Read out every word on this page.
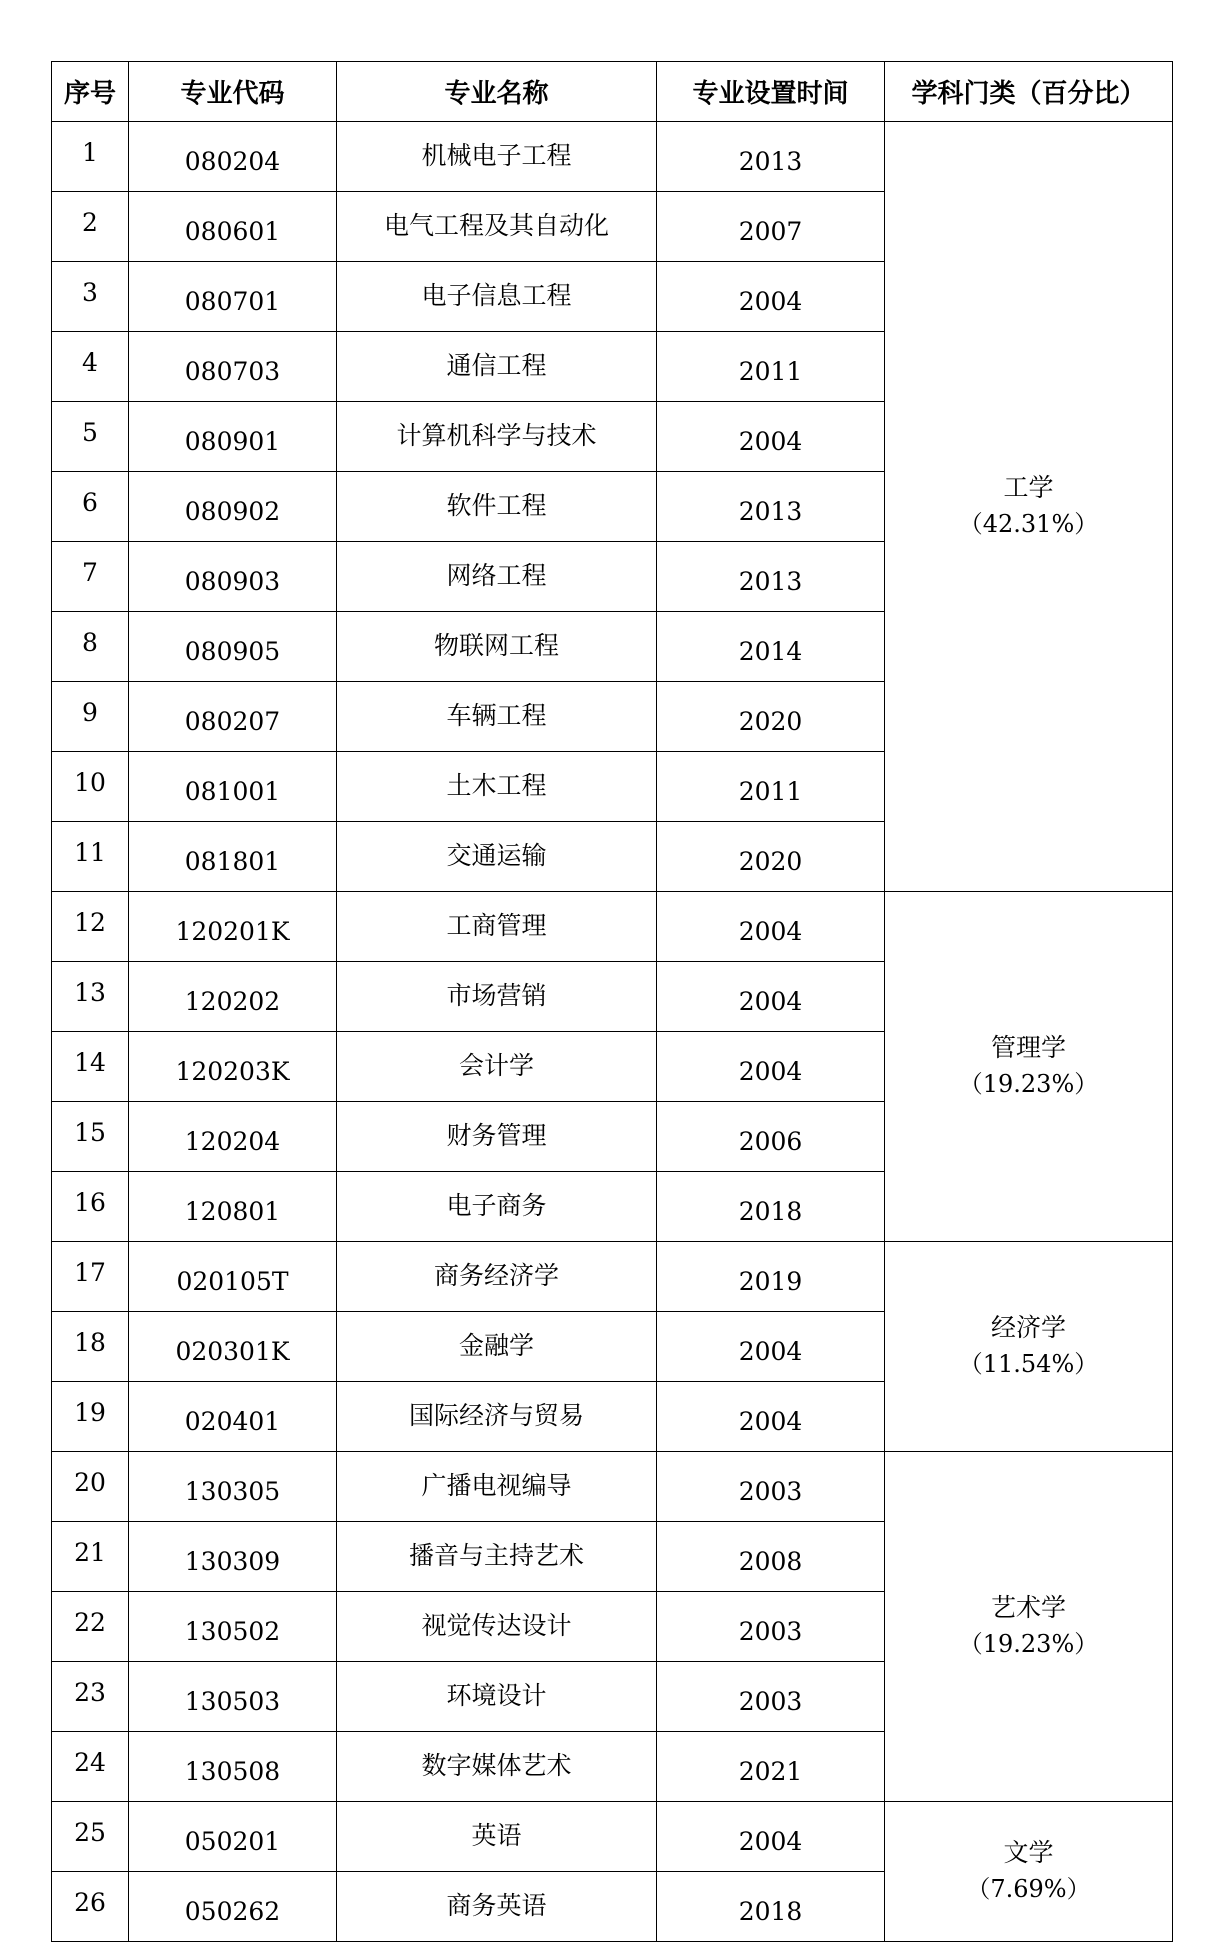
序号	专业代码	专业名称	专业设置时间	学科门类（百分比）
1	080204	机械电子工程	2013	工学
（42.31%）

2	080601	电气工程及其自动化	2007	
3	080701	电子信息工程	2004	
4	080703	通信工程	2011	
5	080901	计算机科学与技术	2004	
6	080902	软件工程	2013	
7	080903	网络工程	2013	
8	080905	物联网工程	2014	
9	080207	车辆工程	2020	
10	081001	土木工程	2011	
11	081801	交通运输	2020	
12	120201K	工商管理	2004	管理学
（19.23%）

13	120202	市场营销	2004	
14	120203K	会计学	2004	
15	120204	财务管理	2006	
16	120801	电子商务	2018	
17	020105T	商务经济学	2019	经济学
（11.54%）

18	020301K	金融学	2004	
19	020401	国际经济与贸易	2004	
20	130305	广播电视编导	2003	艺术学
（19.23%）

21	130309	播音与主持艺术	2008	
22	130502	视觉传达设计	2003	
23	130503	环境设计	2003	
24	130508	数字媒体艺术	2021	
25	050201	英语	2004	文学
（7.69%）

26	050262	商务英语	2018	
